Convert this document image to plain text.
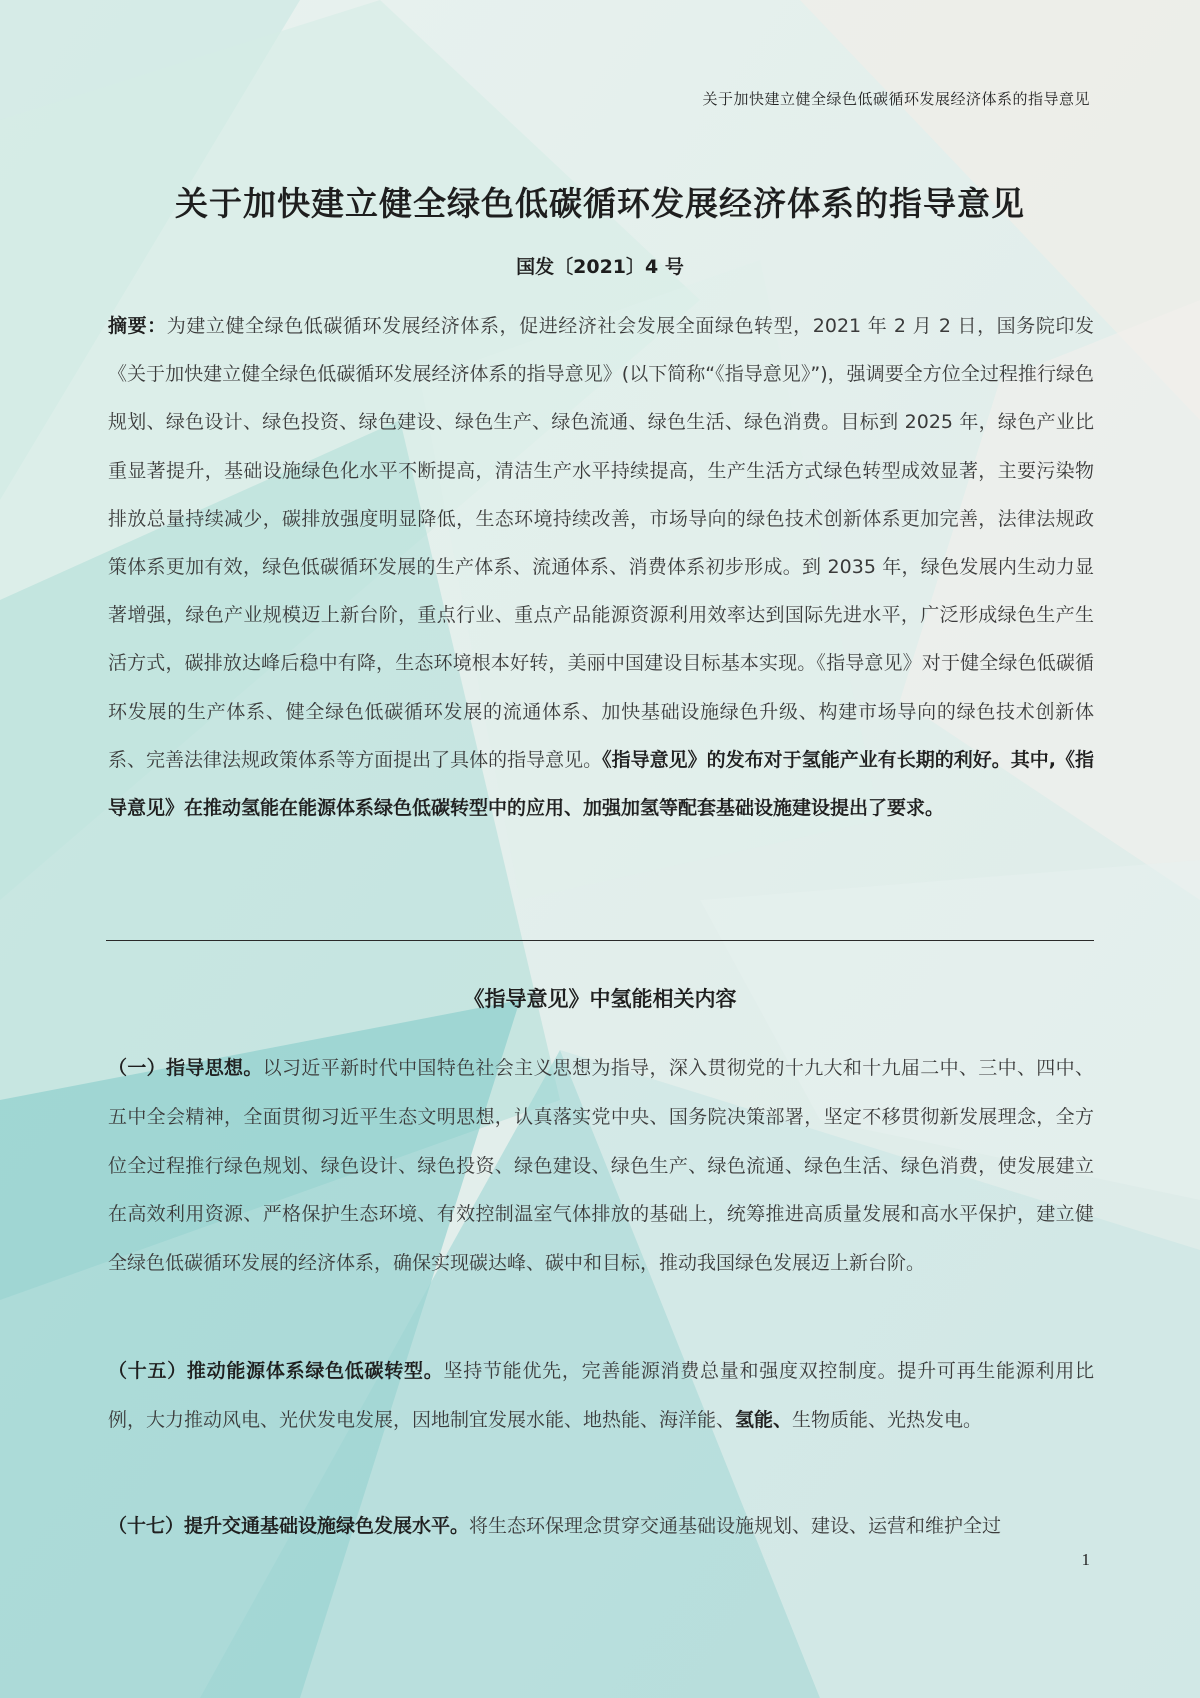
关于加快建立健全绿色低碳循环发展经济体系的指导意见
关于加快建立健全绿色低碳循环发展经济体系的指导意见
国发〔2021〕4 号

摘要：为建立健全绿色低碳循环发展经济体系，促进经济社会发展全面绿色转型，2021 年 2 月 2 日，国务院印发《关于加快建立健全绿色低碳循环发展经济体系的指导意见》(以下简称“《指导意见》”)，强调要全方位全过程推行绿色规划、绿色设计、绿色投资、绿色建设、绿色生产、绿色流通、绿色生活、绿色消费。目标到 2025 年，绿色产业比重显著提升，基础设施绿色化水平不断提高，清洁生产水平持续提高，生产生活方式绿色转型成效显著，主要污染物排放总量持续减少，碳排放强度明显降低，生态环境持续改善，市场导向的绿色技术创新体系更加完善，法律法规政策体系更加有效，绿色低碳循环发展的生产体系、流通体系、消费体系初步形成。到 2035 年，绿色发展内生动力显著增强，绿色产业规模迈上新台阶，重点行业、重点产品能源资源利用效率达到国际先进水平，广泛形成绿色生产生活方式，碳排放达峰后稳中有降，生态环境根本好转，美丽中国建设目标基本实现。《指导意见》对于健全绿色低碳循环发展的生产体系、健全绿色低碳循环发展的流通体系、加快基础设施绿色升级、构建市场导向的绿色技术创新体系、完善法律法规政策体系等方面提出了具体的指导意见。《指导意见》的发布对于氢能产业有长期的利好。其中,《指导意见》在推动氢能在能源体系绿色低碳转型中的应用、加强加氢等配套基础设施建设提出了要求。

《指导意见》中氢能相关内容

（一）指导思想。以习近平新时代中国特色社会主义思想为指导，深入贯彻党的十九大和十九届二中、三中、四中、五中全会精神，全面贯彻习近平生态文明思想，认真落实党中央、国务院决策部署，坚定不移贯彻新发展理念，全方位全过程推行绿色规划、绿色设计、绿色投资、绿色建设、绿色生产、绿色流通、绿色生活、绿色消费，使发展建立在高效利用资源、严格保护生态环境、有效控制温室气体排放的基础上，统筹推进高质量发展和高水平保护，建立健全绿色低碳循环发展的经济体系，确保实现碳达峰、碳中和目标，推动我国绿色发展迈上新台阶。

（十五）推动能源体系绿色低碳转型。坚持节能优先，完善能源消费总量和强度双控制度。提升可再生能源利用比例，大力推动风电、光伏发电发展，因地制宜发展水能、地热能、海洋能、氢能、生物质能、光热发电。

（十七）提升交通基础设施绿色发展水平。将生态环保理念贯穿交通基础设施规划、建设、运营和维护全过

1
